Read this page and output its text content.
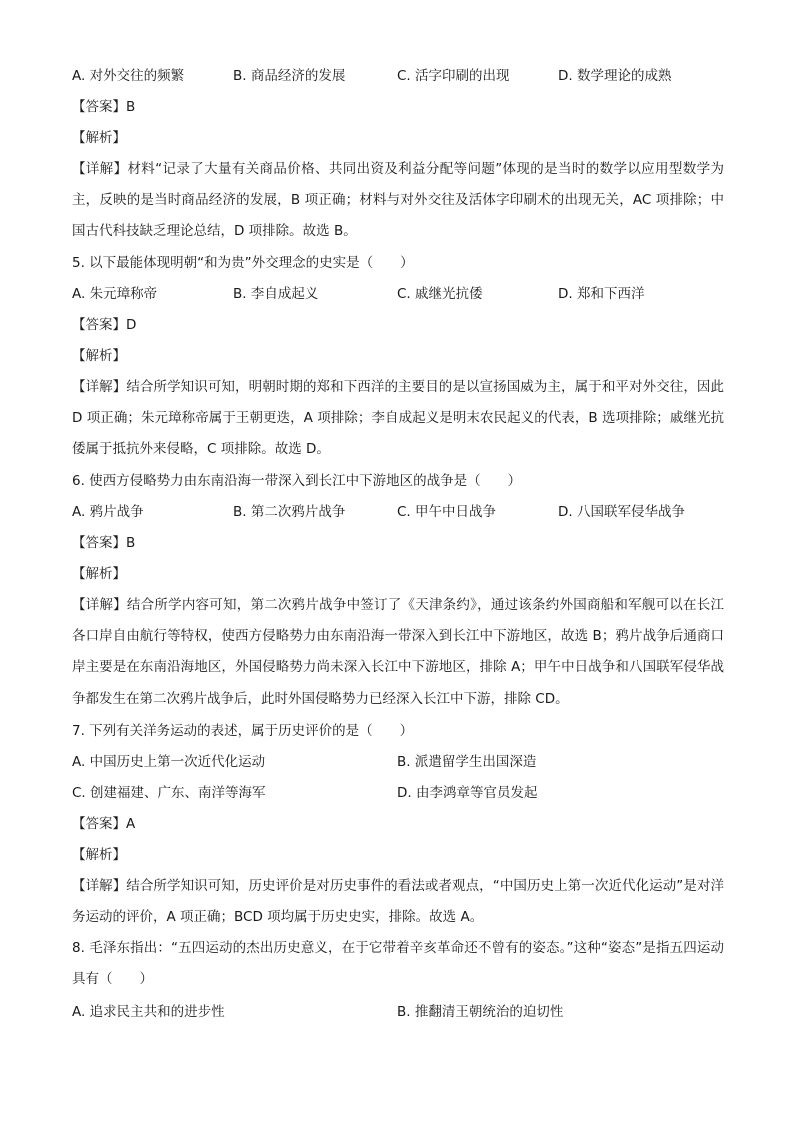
A. 对外交往的频繁	B. 商品经济的发展	C. 活字印刷的出现	D. 数学理论的成熟
【答案】B
【解析】
【详解】材料“记录了大量有关商品价格、共同出资及利益分配等问题”体现的是当时的数学以应用型数学为主，反映的是当时商品经济的发展，B 项正确；材料与对外交往及活体字印刷术的出现无关，AC 项排除；中国古代科技缺乏理论总结，D 项排除。故选 B。
5. 以下最能体现明朝“和为贵”外交理念的史实是（　　）
A. 朱元璋称帝	B. 李自成起义	C. 戚继光抗倭	D. 郑和下西洋
【答案】D
【解析】
【详解】结合所学知识可知，明朝时期的郑和下西洋的主要目的是以宣扬国威为主，属于和平对外交往，因此 D 项正确；朱元璋称帝属于王朝更迭，A 项排除；李自成起义是明末农民起义的代表，B 选项排除；戚继光抗倭属于抵抗外来侵略，C 项排除。故选 D。
6. 使西方侵略势力由东南沿海一带深入到长江中下游地区的战争是（　　）
A. 鸦片战争	B. 第二次鸦片战争	C. 甲午中日战争	D. 八国联军侵华战争
【答案】B
【解析】
【详解】结合所学内容可知，第二次鸦片战争中签订了《天津条约》，通过该条约外国商船和军舰可以在长江各口岸自由航行等特权，使西方侵略势力由东南沿海一带深入到长江中下游地区，故选 B；鸦片战争后通商口岸主要是在东南沿海地区，外国侵略势力尚未深入长江中下游地区，排除 A；甲午中日战争和八国联军侵华战争都发生在第二次鸦片战争后，此时外国侵略势力已经深入长江中下游，排除 CD。
7. 下列有关洋务运动的表述，属于历史评价的是（　　）
A. 中国历史上第一次近代化运动	B. 派遣留学生出国深造
C. 创建福建、广东、南洋等海军	D. 由李鸿章等官员发起
【答案】A
【解析】
【详解】结合所学知识可知，历史评价是对历史事件的看法或者观点，“中国历史上第一次近代化运动”是对洋务运动的评价，A 项正确；BCD 项均属于历史史实，排除。故选 A。
8. 毛泽东指出：“五四运动的杰出历史意义，在于它带着辛亥革命还不曾有的姿态。”这种“姿态”是指五四运动具有（　　）
A. 追求民主共和的进步性	B. 推翻清王朝统治的迫切性
